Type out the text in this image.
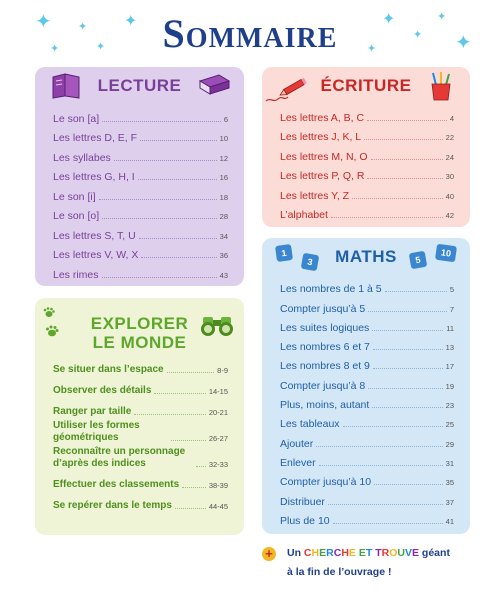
Sommaire
✦ ✦ ✦
✦
✦
✦
✦
✦
✦
✦
LECTURE
Le son [a]	6
Les lettres D, E, F	10
Les syllabes	12
Les lettres G, H, I	16
Le son [i]	18
Le son [o]	28
Les lettres S, T, U	34
Les lettres V, W, X	36
Les rimes	43
ÉCRITURE
Les lettres A, B, C	4
Les lettres J, K, L	22
Les lettres M, N, O	24
Les lettres P, Q, R	30
Les lettres Y, Z	40
L’alphabet	42
EXPLORER
LE MONDE
Se situer dans l’espace	8-9
Observer des détails	14-15
Ranger par taille	20-21
Utiliser les formes géométriques	26-27
Reconnaître un personnage d’après des indices	32-33
Effectuer des classements	38-39
Se repérer dans le temps	44-45
1
3	MATHS	5
10
Les nombres de 1 à 5	5
Compter jusqu’à 5	7
Les suites logiques	11
Les nombres 6 et 7	13
Les nombres 8 et 9	17
Compter jusqu’à 8	19
Plus, moins, autant	23
Les tableaux	25
Ajouter	29
Enlever	31
Compter jusqu’à 10	35
Distribuer	37
Plus de 10	41
+	Un CHERCHE ET TROUVE géant
à la fin de l’ouvrage !
